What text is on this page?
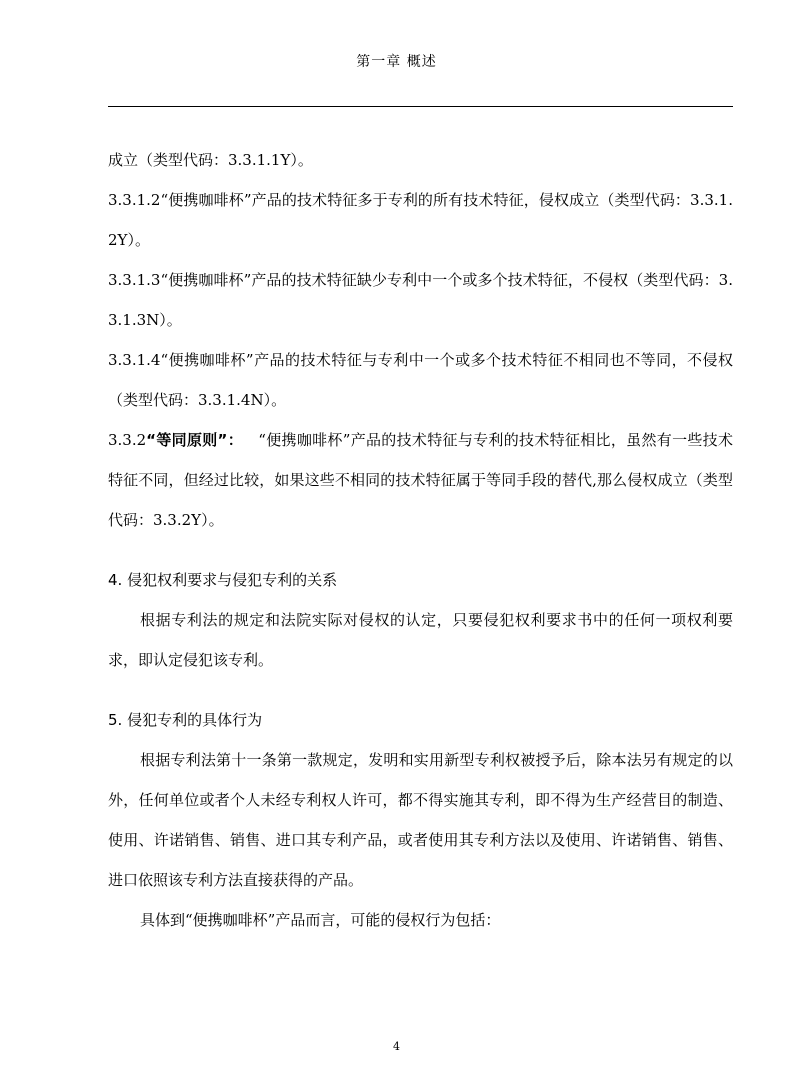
第一章 概述

成立（类型代码：3.3.1.1Y）。

3.3.1.2“便携咖啡杯”产品的技术特征多于专利的所有技术特征，侵权成立（类型代码：3.3.1.2Y）。

3.3.1.3“便携咖啡杯”产品的技术特征缺少专利中一个或多个技术特征，不侵权（类型代码：3.3.1.3N）。

3.3.1.4“便携咖啡杯”产品的技术特征与专利中一个或多个技术特征不相同也不等同，不侵权（类型代码：3.3.1.4N）。

3.3.2“等同原则”： “便携咖啡杯”产品的技术特征与专利的技术特征相比，虽然有一些技术特征不同，但经过比较，如果这些不相同的技术特征属于等同手段的替代,那么侵权成立（类型代码：3.3.2Y）。

4. 侵犯权利要求与侵犯专利的关系

根据专利法的规定和法院实际对侵权的认定，只要侵犯权利要求书中的任何一项权利要求，即认定侵犯该专利。

5. 侵犯专利的具体行为

根据专利法第十一条第一款规定，发明和实用新型专利权被授予后，除本法另有规定的以外，任何单位或者个人未经专利权人许可，都不得实施其专利，即不得为生产经营目的制造、使用、许诺销售、销售、进口其专利产品，或者使用其专利方法以及使用、许诺销售、销售、进口依照该专利方法直接获得的产品。

具体到“便携咖啡杯”产品而言，可能的侵权行为包括：

4
